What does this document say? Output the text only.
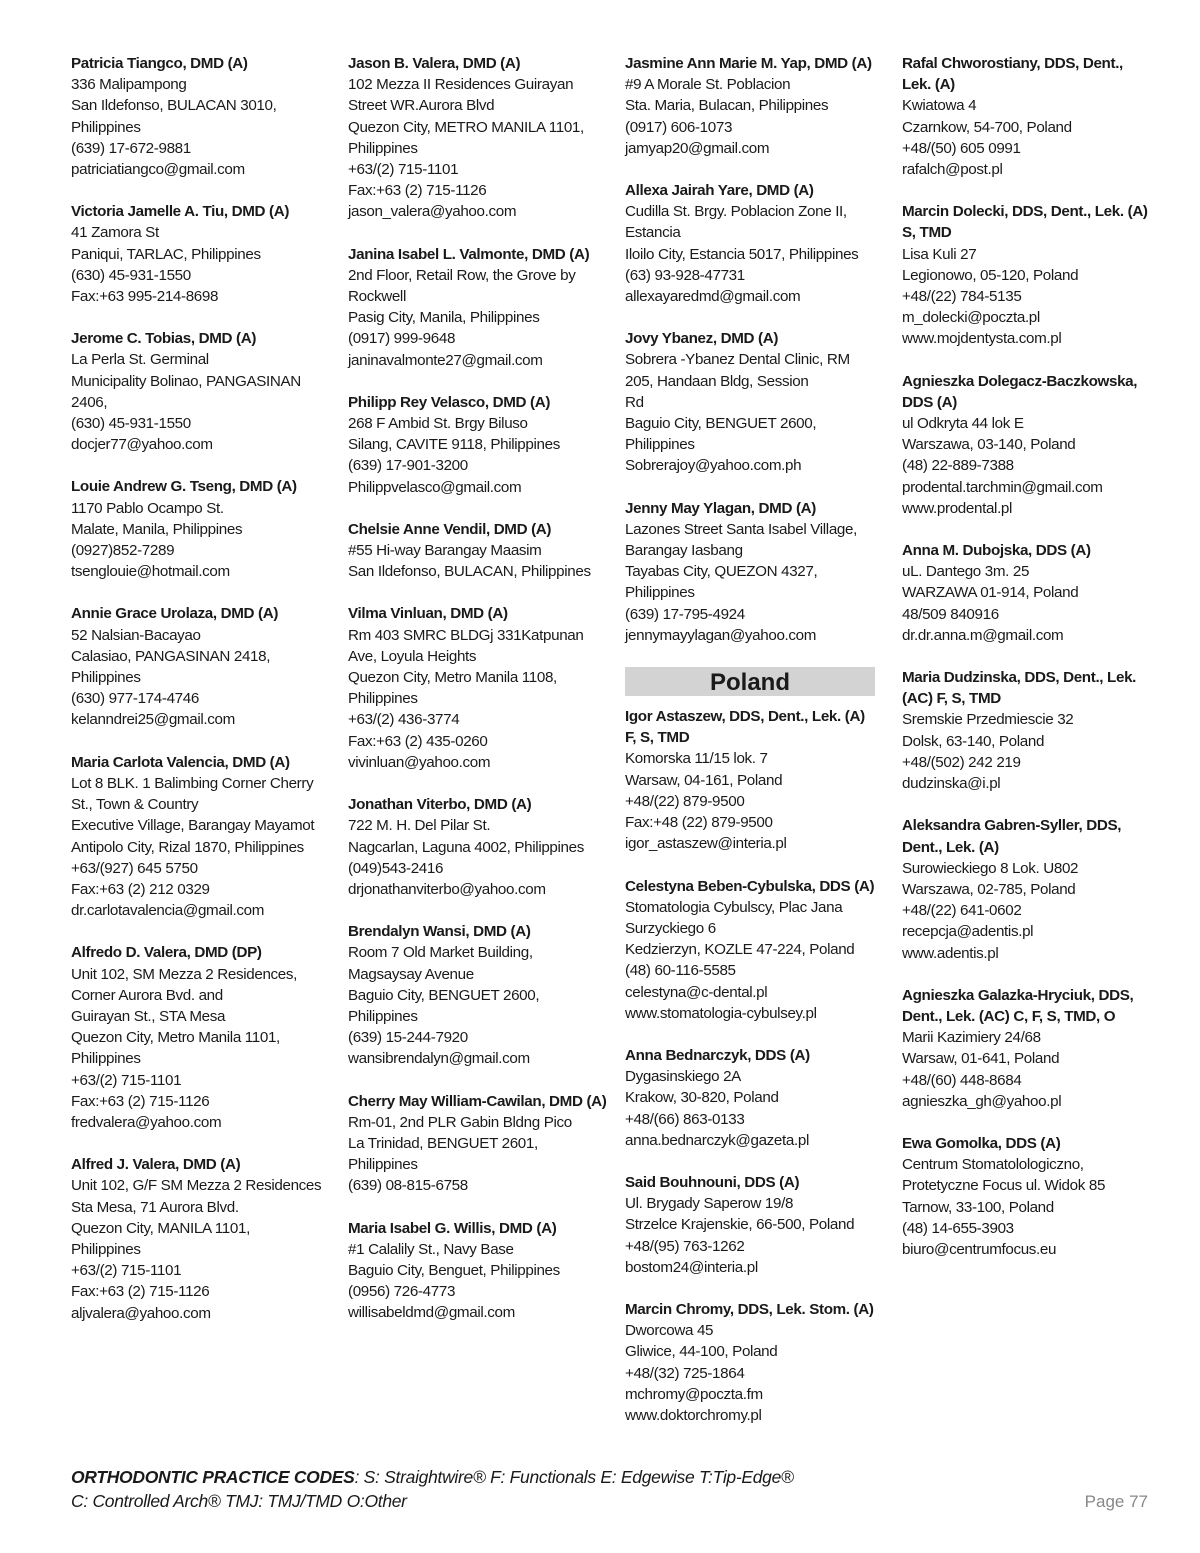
Patricia Tiangco, DMD (A)
336 Malipampong
San Ildefonso, BULACAN 3010,
Philippines
(639) 17-672-9881
patriciatiangco@gmail.com
Victoria Jamelle A. Tiu, DMD (A)
41 Zamora St
Paniqui, TARLAC, Philippines
(630) 45-931-1550
Fax:+63 995-214-8698
Jerome C. Tobias, DMD (A)
La Perla St. Germinal
Municipality Bolinao, PANGASINAN
2406,
(630) 45-931-1550
docjer77@yahoo.com
Louie Andrew G. Tseng, DMD (A)
1170 Pablo Ocampo St.
Malate, Manila, Philippines
(0927)852-7289
tsenglouie@hotmail.com
Annie Grace Urolaza, DMD (A)
52 Nalsian-Bacayao
Calasiao, PANGASINAN 2418,
Philippines
(630) 977-174-4746
kelanndrei25@gmail.com
Maria Carlota Valencia, DMD (A)
Lot 8 BLK. 1 Balimbing Corner Cherry
St., Town & Country
Executive Village, Barangay Mayamot
Antipolo City, Rizal 1870, Philippines
+63/(927) 645 5750
Fax:+63 (2) 212 0329
dr.carlotavalencia@gmail.com
Alfredo D. Valera, DMD (DP)
Unit 102, SM Mezza 2 Residences,
Corner Aurora Bvd. and
Guirayan St., STA Mesa
Quezon City, Metro Manila 1101,
Philippines
+63/(2) 715-1101
Fax:+63 (2) 715-1126
fredvalera@yahoo.com
Alfred J. Valera, DMD (A)
Unit 102, G/F SM Mezza 2 Residences
Sta Mesa, 71 Aurora Blvd.
Quezon City, MANILA 1101,
Philippines
+63/(2) 715-1101
Fax:+63 (2) 715-1126
aljvalera@yahoo.com
Jason B. Valera, DMD (A)
102 Mezza II Residences Guirayan
Street WR.Aurora Blvd
Quezon City, METRO MANILA 1101,
Philippines
+63/(2) 715-1101
Fax:+63 (2) 715-1126
jason_valera@yahoo.com
Janina Isabel L. Valmonte, DMD (A)
2nd Floor, Retail Row, the Grove by
Rockwell
Pasig City, Manila, Philippines
(0917) 999-9648
janinavalmonte27@gmail.com
Philipp Rey Velasco, DMD (A)
268 F Ambid St. Brgy Biluso
Silang, CAVITE 9118, Philippines
(639) 17-901-3200
Philippvelasco@gmail.com
Chelsie Anne Vendil, DMD (A)
#55 Hi-way Barangay Maasim
San Ildefonso, BULACAN, Philippines
Vilma Vinluan, DMD (A)
Rm 403 SMRC BLDGj 331Katpunan
Ave, Loyula Heights
Quezon City, Metro Manila 1108,
Philippines
+63/(2) 436-3774
Fax:+63 (2) 435-0260
vivinluan@yahoo.com
Jonathan Viterbo, DMD (A)
722 M. H. Del Pilar St.
Nagcarlan, Laguna 4002, Philippines
(049)543-2416
drjonathanviterbo@yahoo.com
Brendalyn Wansi, DMD (A)
Room 7 Old Market Building,
Magsaysay Avenue
Baguio City, BENGUET 2600,
Philippines
(639) 15-244-7920
wansibrendalyn@gmail.com
Cherry May William-Cawilan, DMD (A)
Rm-01, 2nd PLR Gabin Bldng Pico
La Trinidad, BENGUET 2601,
Philippines
(639) 08-815-6758
Maria Isabel G. Willis, DMD (A)
#1 Calalily St., Navy Base
Baguio City, Benguet, Philippines
(0956) 726-4773
willisabeldmd@gmail.com
Jasmine Ann Marie M. Yap, DMD (A)
#9 A Morale St. Poblacion
Sta. Maria, Bulacan, Philippines
(0917) 606-1073
jamyap20@gmail.com
Allexa Jairah Yare, DMD (A)
Cudilla St. Brgy. Poblacion Zone II,
Estancia
Iloilo City, Estancia 5017, Philippines
(63) 93-928-47731
allexayaredmd@gmail.com
Jovy Ybanez, DMD (A)
Sobrera -Ybanez Dental Clinic, RM
205, Handaan Bldg, Session
Rd
Baguio City, BENGUET 2600,
Philippines
Sobrerajoy@yahoo.com.ph
Jenny May Ylagan, DMD (A)
Lazones Street Santa Isabel Village,
Barangay Iasbang
Tayabas City, QUEZON 4327,
Philippines
(639) 17-795-4924
jennymayylagan@yahoo.com
Poland
Igor Astaszew, DDS, Dent., Lek. (A) F, S, TMD
Komorska 11/15 lok. 7
Warsaw, 04-161, Poland
+48/(22) 879-9500
Fax:+48 (22) 879-9500
igor_astaszew@interia.pl
Celestyna Beben-Cybulska, DDS (A)
Stomatologia Cybulscy, Plac Jana
Surzyckiego 6
Kedzierzyn, KOZLE 47-224, Poland
(48) 60-116-5585
celestyna@c-dental.pl
www.stomatologia-cybulsey.pl
Anna Bednarczyk, DDS (A)
Dygasinskiego 2A
Krakow, 30-820, Poland
+48/(66) 863-0133
anna.bednarczyk@gazeta.pl
Said Bouhnouni, DDS (A)
Ul. Brygady Saperow 19/8
Strzelce Krajenskie, 66-500, Poland
+48/(95) 763-1262
bostom24@interia.pl
Marcin Chromy, DDS, Lek. Stom. (A)
Dworcowa 45
Gliwice, 44-100, Poland
+48/(32) 725-1864
mchromy@poczta.fm
www.doktorchromy.pl
Rafal Chworostiany, DDS, Dent., Lek. (A)
Kwiatowa 4
Czarnkow, 54-700, Poland
+48/(50) 605 0991
rafalch@post.pl
Marcin Dolecki, DDS, Dent., Lek. (A) S, TMD
Lisa Kuli 27
Legionowo, 05-120, Poland
+48/(22) 784-5135
m_dolecki@poczta.pl
www.mojdentysta.com.pl
Agnieszka Dolegacz-Baczkowska, DDS (A)
ul Odkryta 44 lok E
Warszawa, 03-140, Poland
(48) 22-889-7388
prodental.tarchmin@gmail.com
www.prodental.pl
Anna M. Dubojska, DDS (A)
uL. Dantego 3m. 25
WARZAWA 01-914, Poland
48/509 840916
dr.dr.anna.m@gmail.com
Maria Dudzinska, DDS, Dent., Lek. (AC) F, S, TMD
Sremskie Przedmiescie 32
Dolsk, 63-140, Poland
+48/(502) 242 219
dudzinska@i.pl
Aleksandra Gabren-Syller, DDS, Dent., Lek. (A)
Surowieckiego 8 Lok. U802
Warszawa, 02-785, Poland
+48/(22) 641-0602
recepcja@adentis.pl
www.adentis.pl
Agnieszka Galazka-Hryciuk, DDS, Dent., Lek. (AC) C, F, S, TMD, O
Marii Kazimiery 24/68
Warsaw, 01-641, Poland
+48/(60) 448-8684
agnieszka_gh@yahoo.pl
Ewa Gomolka, DDS (A)
Centrum Stomatolologiczno,
Protetyczne Focus ul. Widok 85
Tarnow, 33-100, Poland
(48) 14-655-3903
biuro@centrumfocus.eu
ORTHODONTIC PRACTICE CODES: S: Straightwire® F: Functionals E: Edgewise T:Tip-Edge®
C: Controlled Arch® TMJ: TMJ/TMD O:Other	Page 77
